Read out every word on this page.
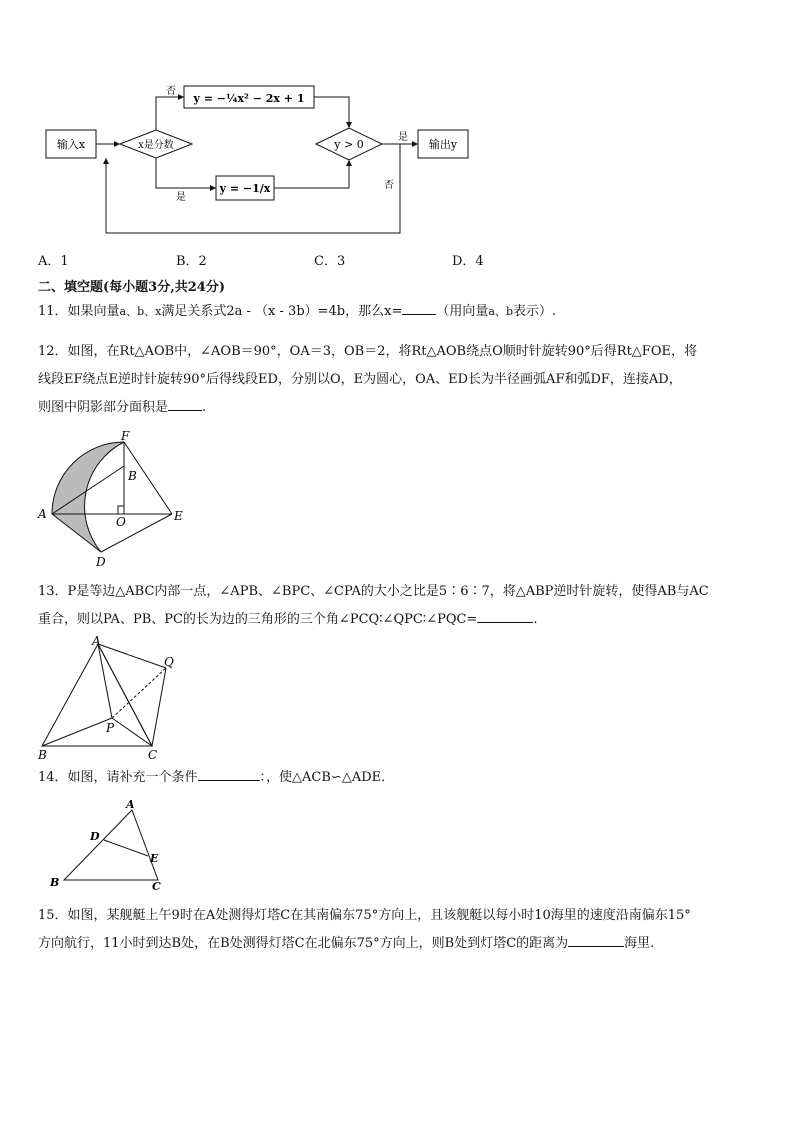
输入x	x是分数
y = −¼x² − 2x + 1
y = −1/x
y > 0	输出y
否
是
是
否
A．1	B．2	C．3	D．4
二、填空题(每小题3分,共24分)
11．如果向量a、b、x满足关系式2a - （x - 3b）=4b，那么x=	（用向量a、b表示）.
12．如图，在Rt△AOB中，∠AOB＝90°，OA＝3，OB＝2，将Rt△AOB绕点O顺时针旋转90°后得Rt△FOE，将
线段EF绕点E逆时针旋转90°后得线段ED，分别以O，E为圆心，OA、ED长为半径画弧AF和弧DF，连接AD，
则图中阴影部分面积是	.
F
B
A
O	E
D
13．P是等边△ABC内部一点，∠APB、∠BPC、∠CPA的大小之比是5∶6∶7，将△ABP逆时针旋转，使得AB与AC
重合，则以PA、PB、PC的长为边的三角形的三个角∠PCQ∶∠QPC∶∠PQC=	.
A
Q
P
B	C
14．如图，请补充一个条件	：，使△ACB∽△ADE．
A
D
E
B	C
15．如图，某舰艇上午9时在A处测得灯塔C在其南偏东75°方向上，且该舰艇以每小时10海里的速度沿南偏东15°
方向航行，11小时到达B处，在B处测得灯塔C在北偏东75°方向上，则B处到灯塔C的距离为	海里.
